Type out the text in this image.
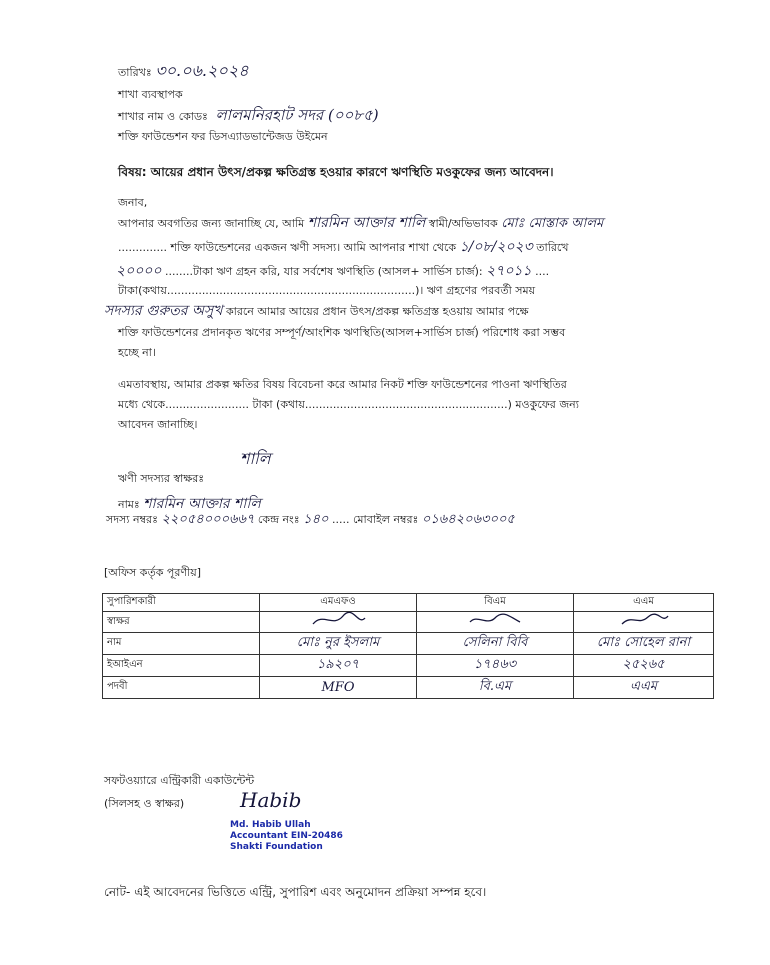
তারিখঃ ৩০.০৬.২০২৪
শাখা ব্যবস্থাপক
শাখার নাম ও কোডঃ লালমনিরহাট সদর (০০৮৫)
শক্তি ফাউন্ডেশন ফর ডিসএ্যাডভান্টেজড উইমেন
বিষয়: আয়ের প্রধান উৎস/প্রকল্প ক্ষতিগ্রস্ত হওয়ার কারণে ঋণস্থিতি মওকুফের জন্য আবেদন।
জনাব,
আপনার অবগতির জন্য জানাচ্ছি যে, আমি শারমিন আক্তার শালি স্বামী/অভিভাবক মোঃ মোস্তাক আলম
.............. শক্তি ফাউন্ডেশনের একজন ঋণী সদস্য। আমি আপনার শাখা থেকে ১/০৮/২০২৩ তারিখে
২০০০০ ........টাকা ঋণ গ্রহন করি, যার সর্বশেষ ঋণস্থিতি (আসল+ সার্ভিস চার্জ): ২৭০১১ ....
টাকা(কথায়.......................................................................)। ঋণ গ্রহণের পরবর্তী সময়
সদস্যর গুরুতর অসুখ কারনে আমার আয়ের প্রধান উৎস/প্রকল্প ক্ষতিগ্রস্ত হওয়ায় আমার পক্ষে
শক্তি ফাউন্ডেশনের প্রদানকৃত ঋণের সম্পূর্ণ/আংশিক ঋণস্থিতি(আসল+সার্ভিস চার্জ) পরিশোধ করা সম্ভব
হচ্ছে না।
এমতাবস্থায়, আমার প্রকল্প ক্ষতির বিষয় বিবেচনা করে আমার নিকট শক্তি ফাউন্ডেশনের পাওনা ঋণস্থিতির
মধ্যে থেকে........................ টাকা (কথায়..........................................................) মওকুফের জন্য
আবেদন জানাচ্ছি।
শালি
ঋণী সদস্যর স্বাক্ষরঃ
নামঃ শারমিন আক্তার শালি
সদস্য নম্বরঃ ২২০৫৪০০০৬৬৭ কেন্দ্র নংঃ ১৪০ ..... মোবাইল নম্বরঃ ০১৬৪২০৬৩০০৫
[অফিস কর্তৃক পূরণীয়]
সুপারিশকারী	এমএফও	বিএম	এএম
স্বাক্ষর			
নাম	মোঃ নুর ইসলাম	সেলিনা বিবি	মোঃ সোহেল রানা
ইআইএন	১৯২০৭	১৭৪৬৩	২৫২৬৫
পদবী	MFO	বি.এম	এএম
সফটওয়্যারে এন্ট্রিকারী একাউন্টেন্ট
(সিলসহ ও স্বাক্ষর)	Habib
Md. Habib Ullah
Accountant EIN-20486
Shakti Foundation
নোট- এই আবেদনের ভিত্তিতে এন্ট্রি, সুপারিশ এবং অনুমোদন প্রক্রিয়া সম্পন্ন হবে।
